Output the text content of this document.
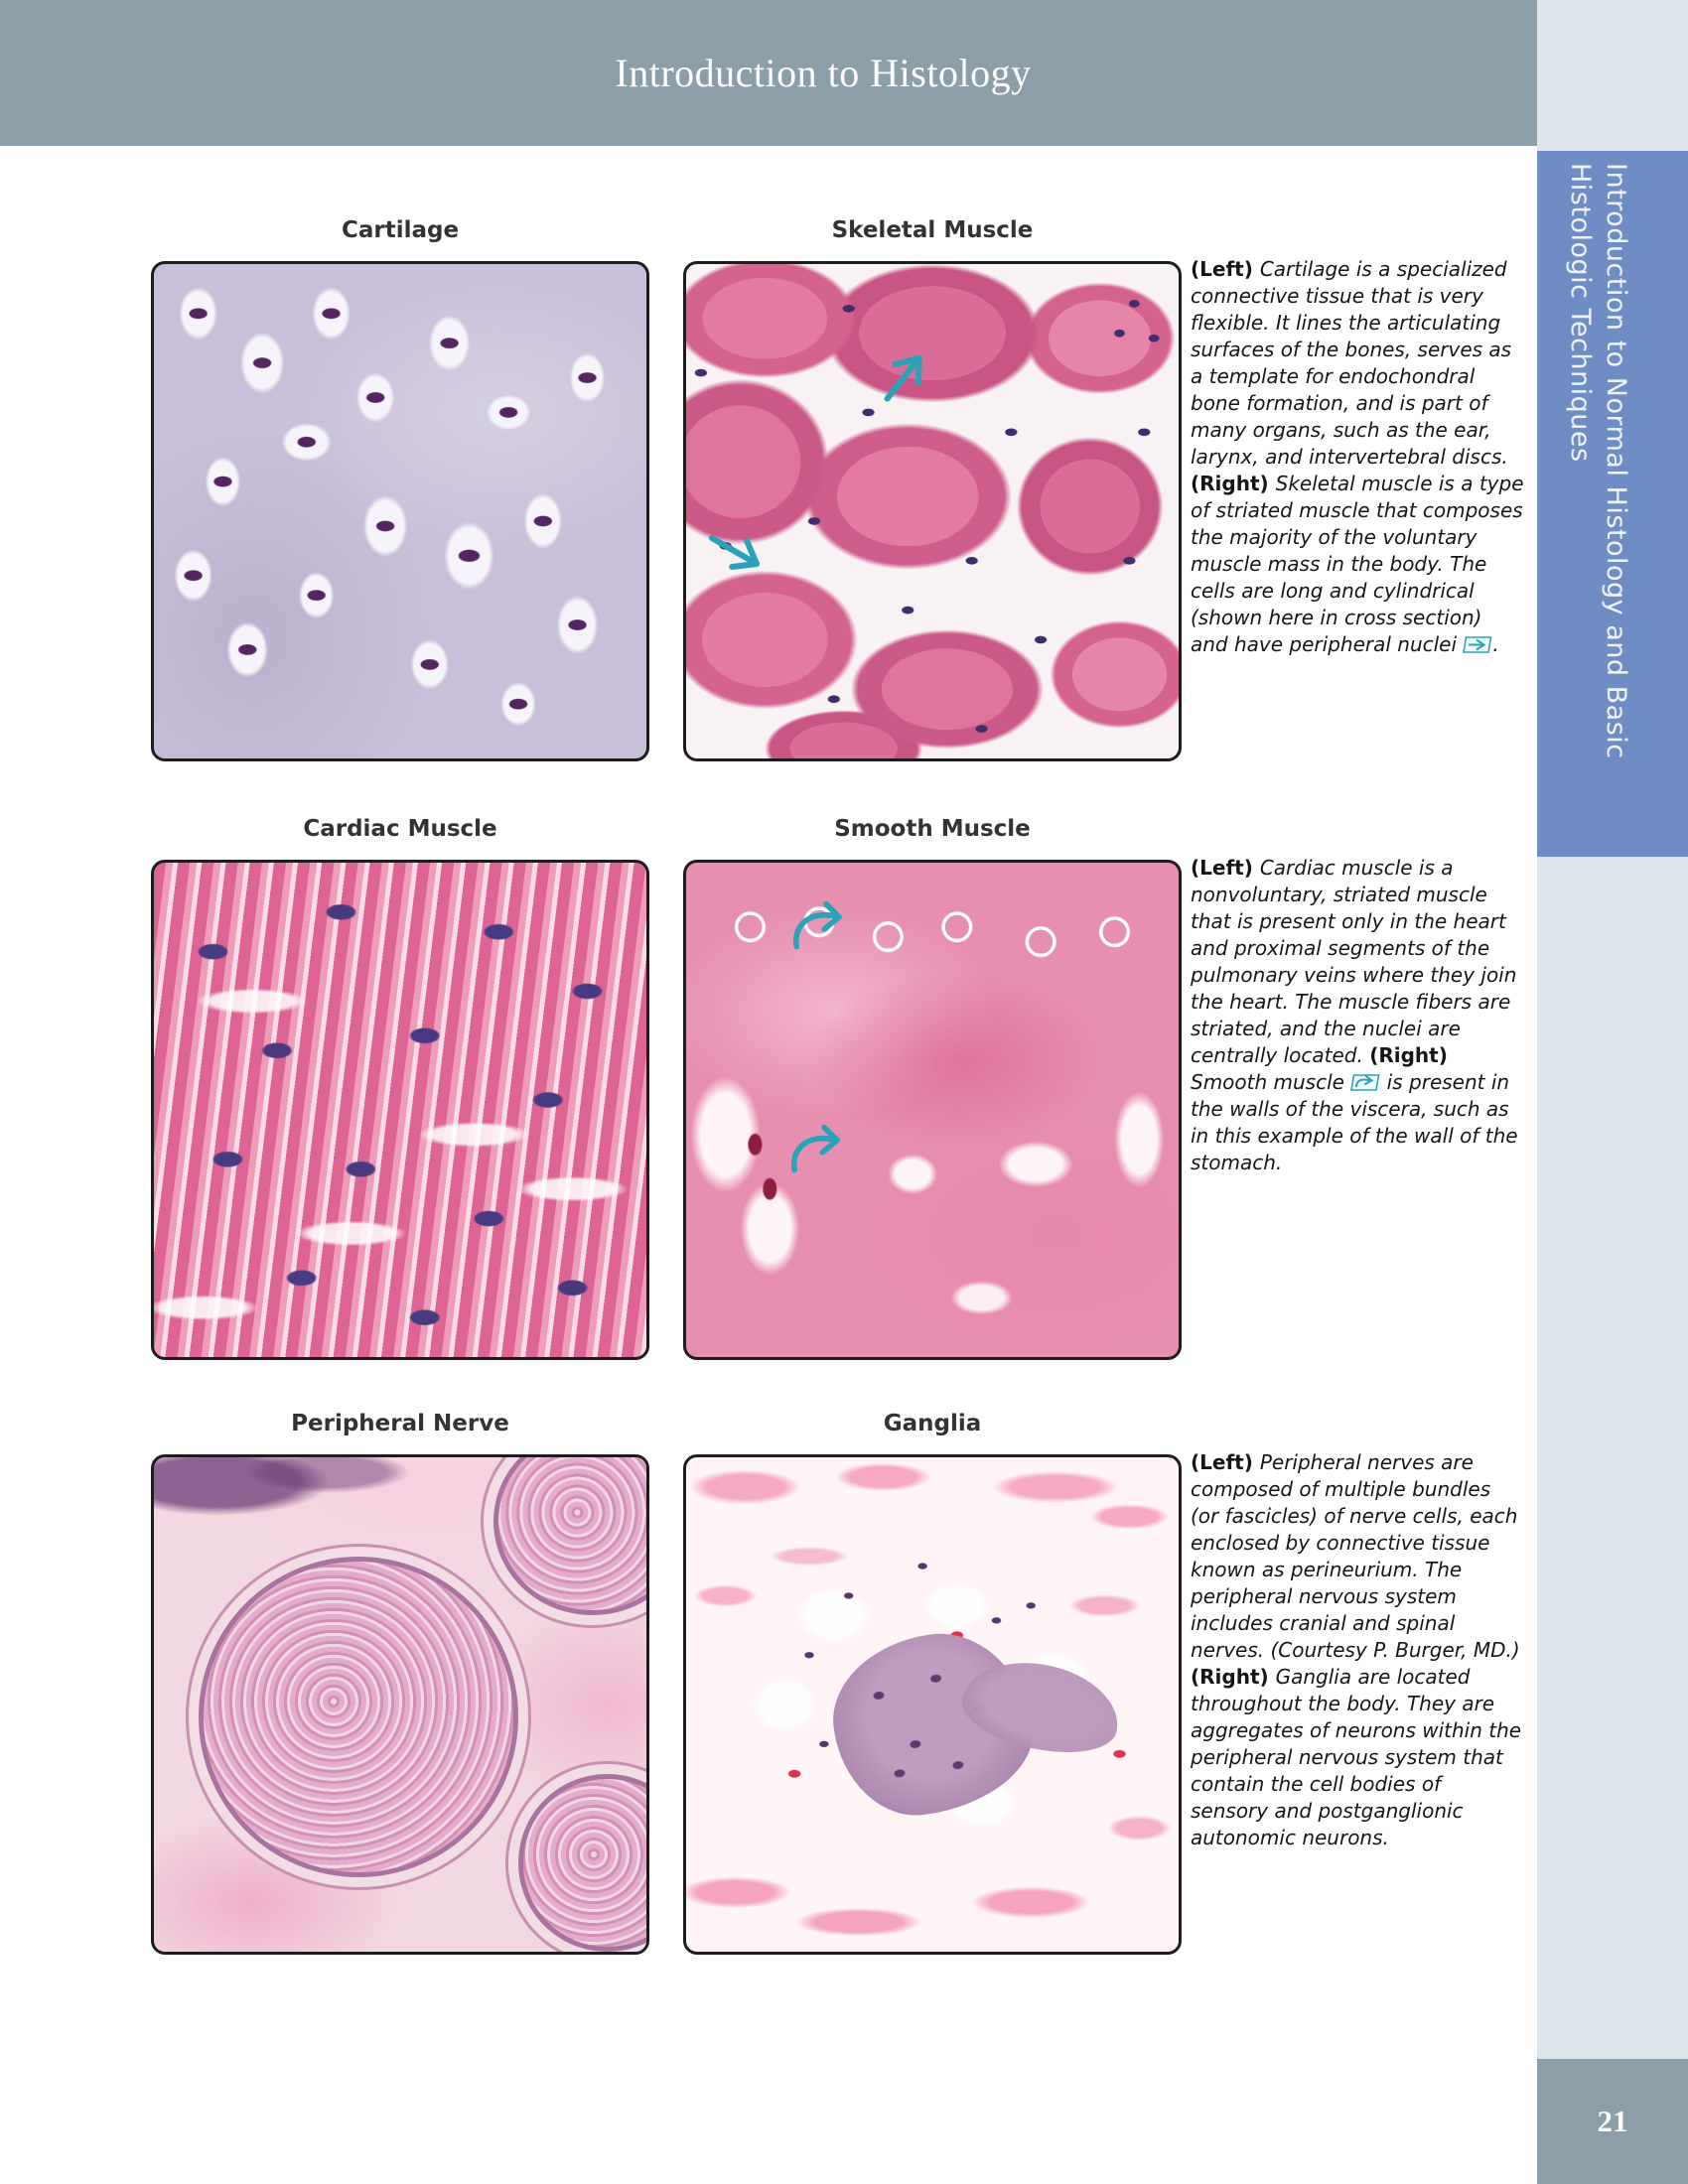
Introduction to Histology
Introduction to Normal Histology and Basic
Histologic Techniques
21
Cartilage	Skeletal Muscle
(Left) Cartilage is a specialized connective tissue that is very flexible. It lines the articulating surfaces of the bones, serves as a template for endochondral bone formation, and is part of many organs, such as the ear, larynx, and intervertebral discs. (Right) Skeletal muscle is a type of striated muscle that composes the majority of the voluntary muscle mass in the body. The cells are long and cylindrical (shown here in cross section) and have peripheral nuclei .
Cardiac Muscle	Smooth Muscle
(Left) Cardiac muscle is a nonvoluntary, striated muscle that is present only in the heart and proximal segments of the pulmonary veins where they join the heart. The muscle fibers are striated, and the nuclei are centrally located. (Right) Smooth muscle  is present in the walls of the viscera, such as in this example of the wall of the stomach.
Peripheral Nerve	Ganglia
(Left) Peripheral nerves are composed of multiple bundles (or fascicles) of nerve cells, each enclosed by connective tissue known as perineurium. The peripheral nervous system includes cranial and spinal nerves. (Courtesy P. Burger, MD.) (Right) Ganglia are located throughout the body. They are aggregates of neurons within the peripheral nervous system that contain the cell bodies of sensory and postganglionic autonomic neurons.
